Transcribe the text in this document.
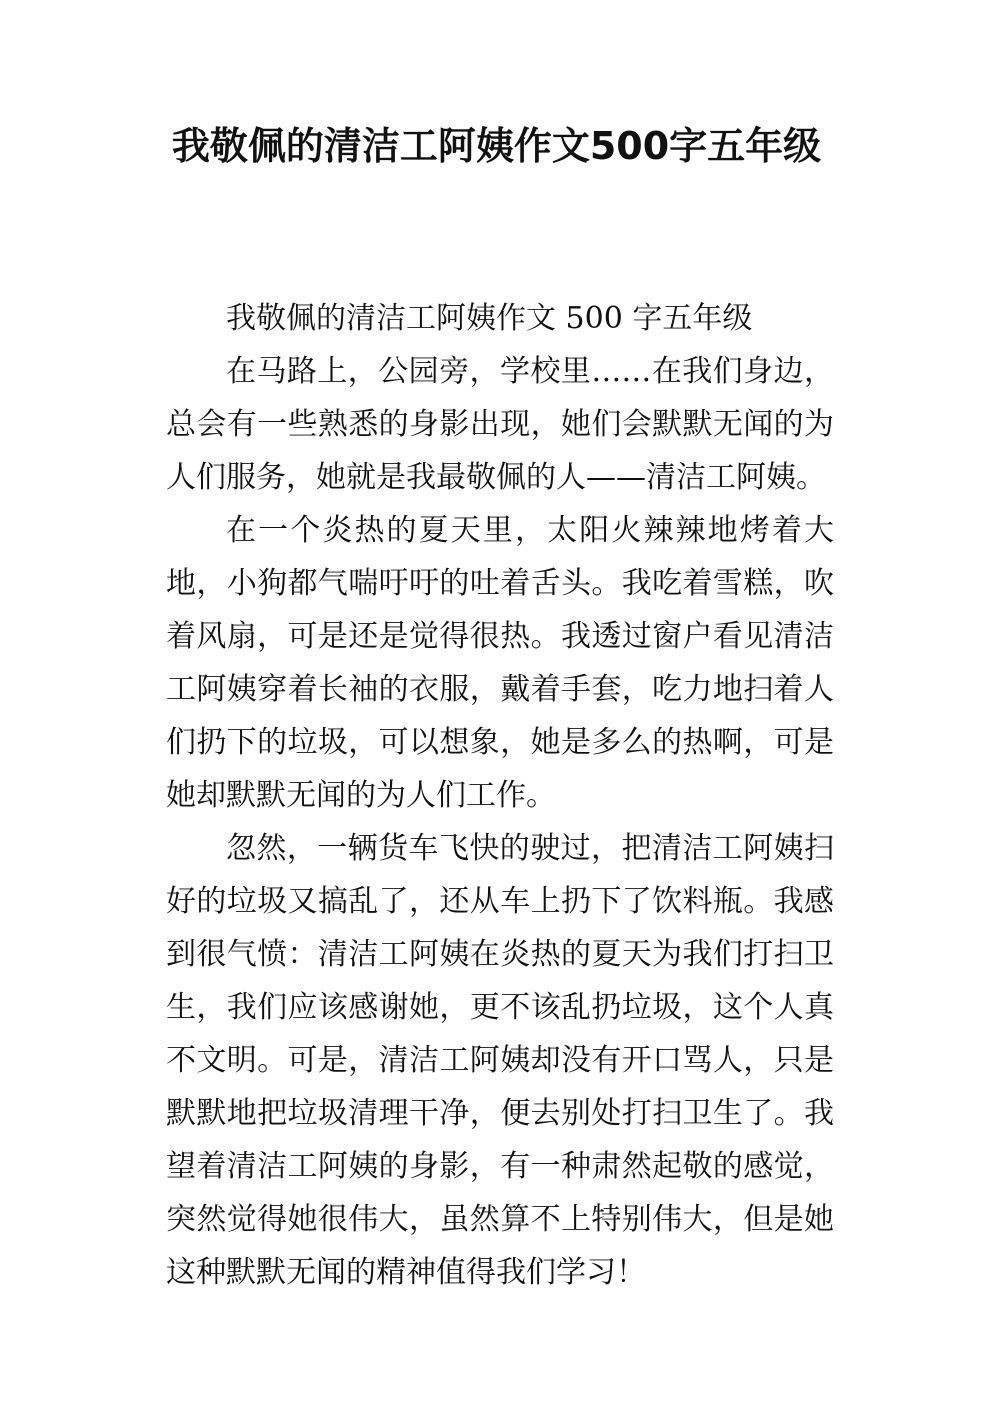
我敬佩的清洁工阿姨作文500字五年级

我敬佩的清洁工阿姨作文 500 字五年级

在马路上，公园旁，学校里……在我们身边，总会有一些熟悉的身影出现，她们会默默无闻的为人们服务，她就是我最敬佩的人——清洁工阿姨。

在一个炎热的夏天里，太阳火辣辣地烤着大地，小狗都气喘吁吁的吐着舌头。我吃着雪糕，吹着风扇，可是还是觉得很热。我透过窗户看见清洁工阿姨穿着长袖的衣服，戴着手套，吃力地扫着人们扔下的垃圾，可以想象，她是多么的热啊，可是她却默默无闻的为人们工作。

忽然，一辆货车飞快的驶过，把清洁工阿姨扫好的垃圾又搞乱了，还从车上扔下了饮料瓶。我感到很气愤：清洁工阿姨在炎热的夏天为我们打扫卫生，我们应该感谢她，更不该乱扔垃圾，这个人真不文明。可是，清洁工阿姨却没有开口骂人，只是默默地把垃圾清理干净，便去别处打扫卫生了。我望着清洁工阿姨的身影，有一种肃然起敬的感觉，突然觉得她很伟大，虽然算不上特别伟大，但是她这种默默无闻的精神值得我们学习！
